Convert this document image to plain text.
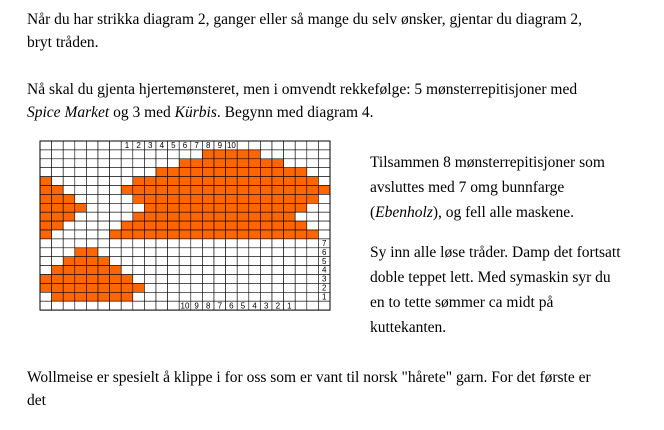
Når du har strikka diagram 2, ganger eller så mange du selv ønsker, gjentar du diagram 2,
bryt tråden.
Nå skal du gjenta hjertemønsteret, men i omvendt rekkefølge: 5 mønsterrepitisjoner med
Spice Market og 3 med Kürbis. Begynn med diagram 4.
1 2 3 4 5 6 7 8 9 10
10 9 8 7 6 5 4 3 2 1
7
6
5
4
3
2
1
Tilsammen 8 mønsterrepitisjoner som
avsluttes med 7 omg bunnfarge
(Ebenholz), og fell alle maskene.
Sy inn alle løse tråder. Damp det fortsatt
doble teppet lett. Med symaskin syr du
en to tette sømmer ca midt på
kuttekanten.
Wollmeise er spesielt å klippe i for oss som er vant til norsk "hårete" garn. For det første er
det
